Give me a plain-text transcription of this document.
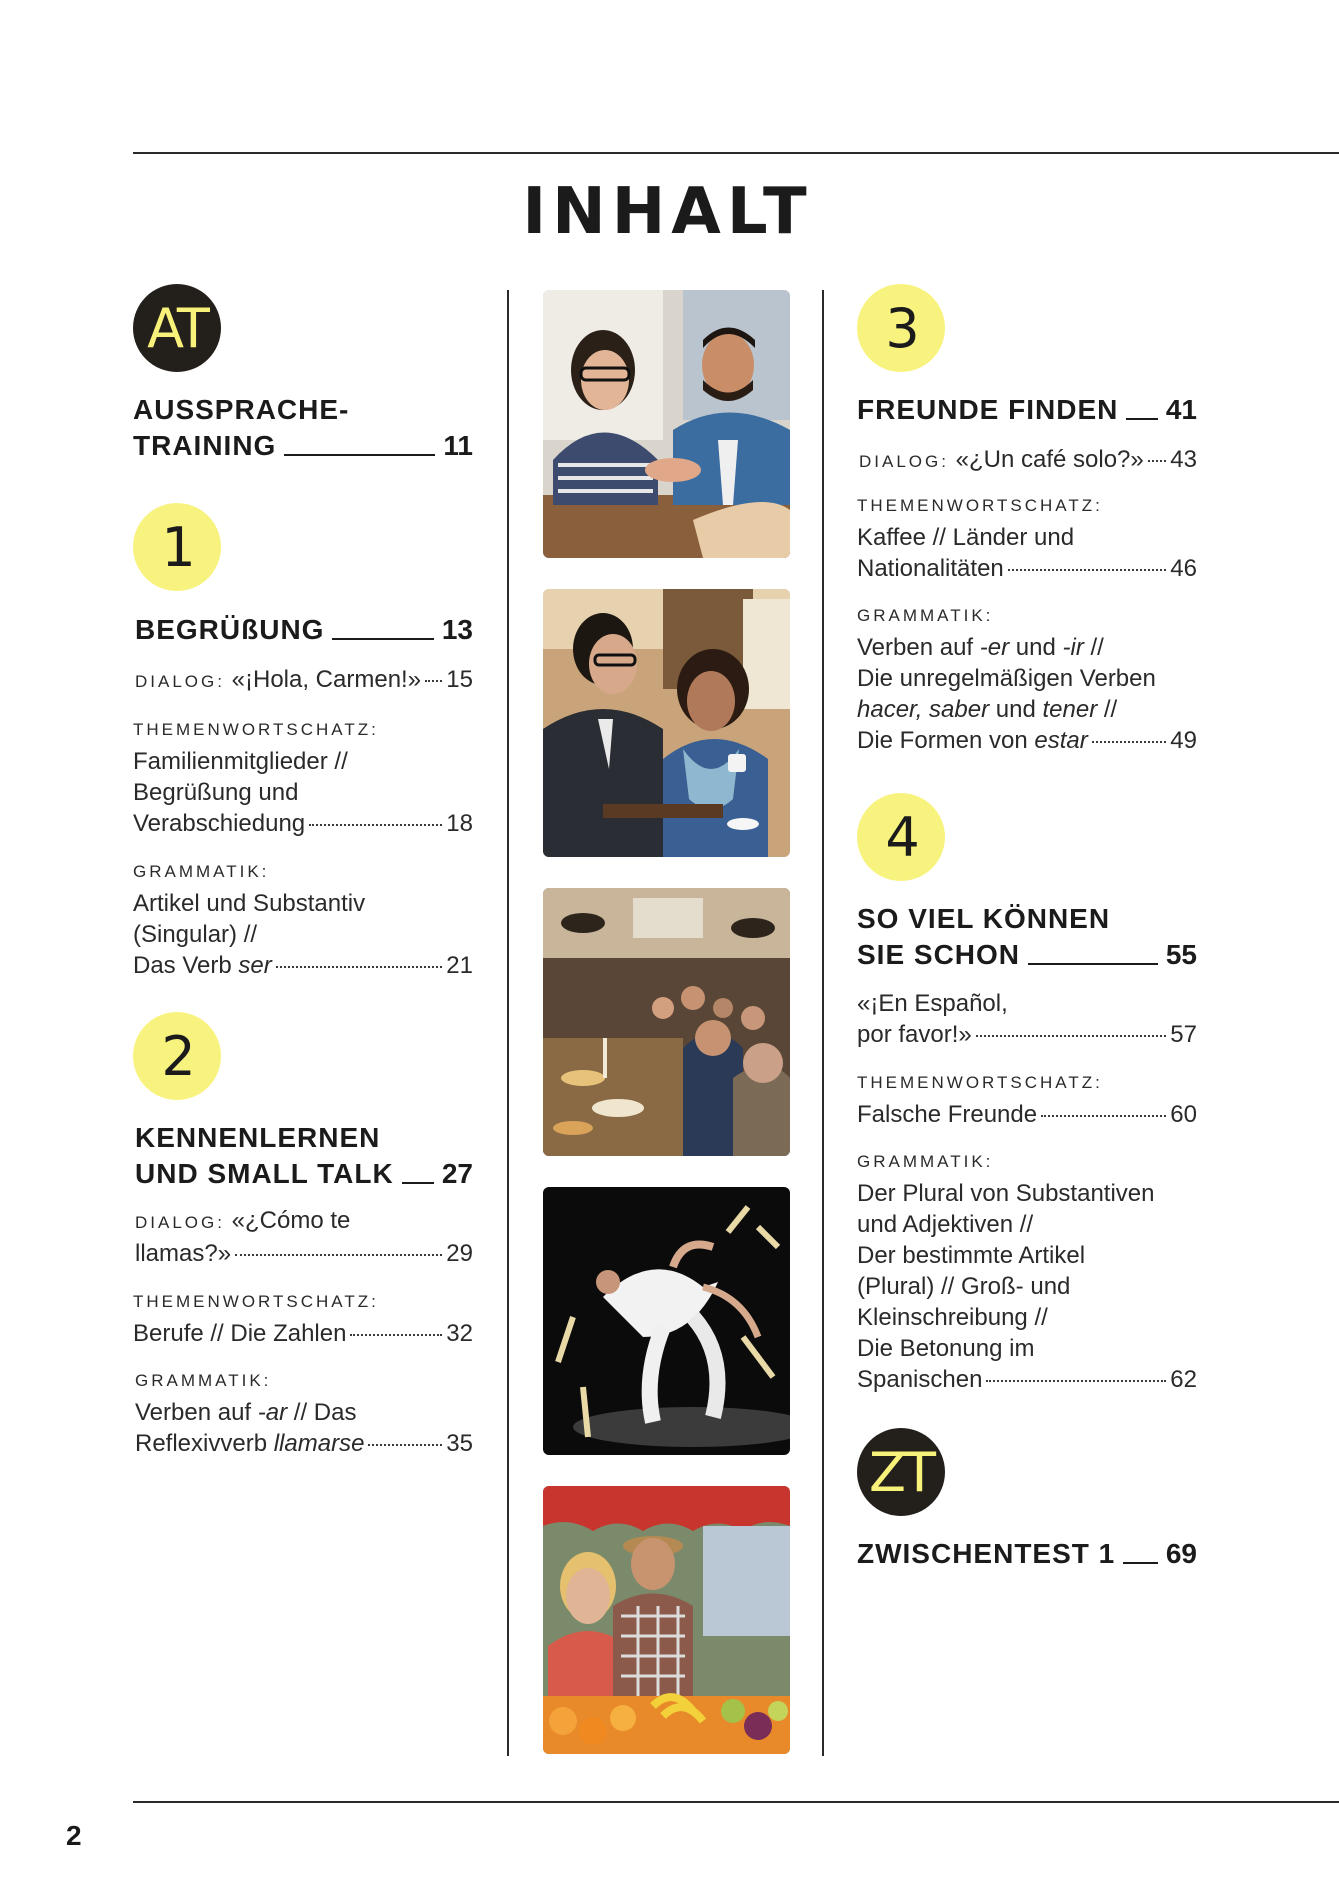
INHALT
2
AT
AUSSPRACHE-
TRAINING	11
1
BEGRÜßUNG	13
DIALOG: «¡Hola, Carmen!» 15
THEMENWORTSCHATZ:
Familienmitglieder //
Begrüßung und
Verabschiedung	18
GRAMMATIK:
Artikel und Substantiv
(Singular) //
Das Verb ser	21
2
KENNENLERNEN
UND SMALL TALK 27
DIALOG: «¿Cómo te
llamas?»	29
THEMENWORTSCHATZ:
Berufe // Die Zahlen	32
GRAMMATIK:
Verben auf -ar // Das
Reflexivverb llamarse	35
3
FREUNDE FINDEN 41
DIALOG: «¿Un café solo?» 43
THEMENWORTSCHATZ:
Kaffee // Länder und
Nationalitäten	46
GRAMMATIK:
Verben auf -er und -ir //
Die unregelmäßigen Verben
hacer, saber und tener //
Die Formen von estar	49
4
SO VIEL KÖNNEN
SIE SCHON	55
«¡En Español,
por favor!»	57
THEMENWORTSCHATZ:
Falsche Freunde	60
GRAMMATIK:
Der Plural von Substantiven
und Adjektiven //
Der bestimmte Artikel
(Plural) // Groß- und
Kleinschreibung //
Die Betonung im
Spanischen	62
ZT
ZWISCHENTEST 1 69
